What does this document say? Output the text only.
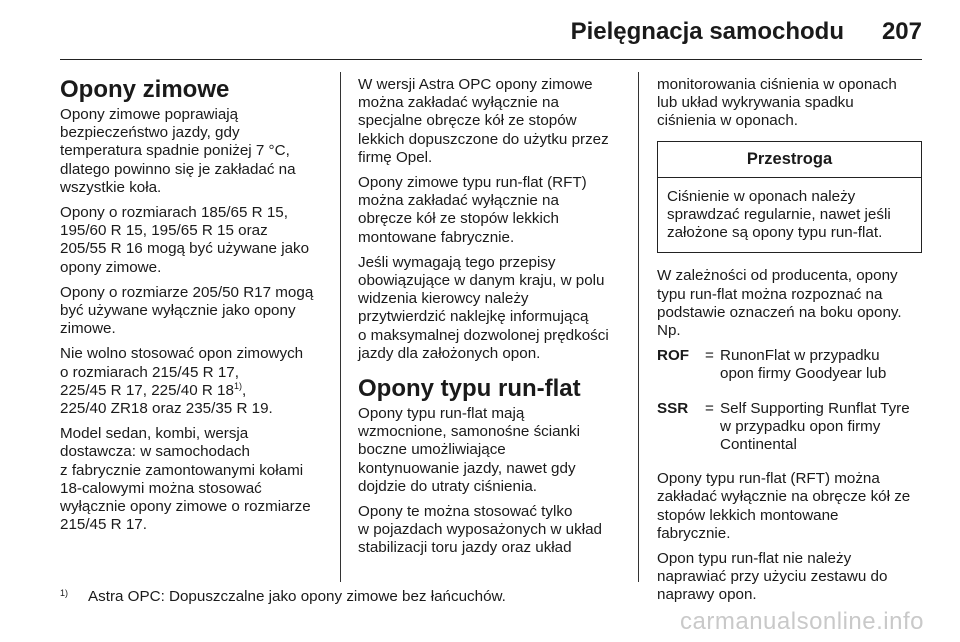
Pielęgnacja samochodu 207
Opony zimowe

Opony zimowe poprawiają
bezpieczeństwo jazdy, gdy
temperatura spadnie poniżej 7 °C,
dlatego powinno się je zakładać na
wszystkie koła.

Opony o rozmiarach 185/65 R 15,
195/60 R 15, 195/65 R 15 oraz
205/55 R 16 mogą być używane jako
opony zimowe.

Opony o rozmiarze 205/50 R17 mogą
być używane wyłącznie jako opony
zimowe.

Nie wolno stosować opon zimowych
o rozmiarach 215/45 R 17,
225/45 R 17, 225/40 R 18$^{1)}$,
225/40 ZR18 oraz 235/35 R 19.

Model sedan, kombi, wersja
dostawcza: w samochodach
z fabrycznie zamontowanymi kołami
18-calowymi można stosować
wyłącznie opony zimowe o rozmiarze
215/45 R 17.

W wersji Astra OPC opony zimowe
można zakładać wyłącznie na
specjalne obręcze kół ze stopów
lekkich dopuszczone do użytku przez
firmę Opel.

Opony zimowe typu run-flat (RFT)
można zakładać wyłącznie na
obręcze kół ze stopów lekkich
montowane fabrycznie.

Jeśli wymagają tego przepisy
obowiązujące w danym kraju, w polu
widzenia kierowcy należy
przytwierdzić naklejkę informującą
o maksymalnej dozwolonej prędkości
jazdy dla założonych opon.

Opony typu run-flat

Opony typu run-flat mają
wzmocnione, samonośne ścianki
boczne umożliwiające
kontynuowanie jazdy, nawet gdy
dojdzie do utraty ciśnienia.

Opony te można stosować tylko
w pojazdach wyposażonych w układ
stabilizacji toru jazdy oraz układ

monitorowania ciśnienia w oponach
lub układ wykrywania spadku
ciśnienia w oponach.

Przestroga
Ciśnienie w oponach należy
sprawdzać regularnie, nawet jeśli
założone są opony typu run-flat.

W zależności od producenta, opony
typu run-flat można rozpoznać na
podstawie oznaczeń na boku opony.
Np.

ROF	= RunonFlat w przypadku
opon firmy Goodyear lub
SSR	= Self Supporting Runflat Tyre
w przypadku opon firmy
Continental

Opony typu run-flat (RFT) można
zakładać wyłącznie na obręcze kół ze
stopów lekkich montowane
fabrycznie.

Opon typu run-flat nie należy
naprawiać przy użyciu zestawu do
naprawy opon.

1)	Astra OPC: Dopuszczalne jako opony zimowe bez łańcuchów.
carmanualsonline.info
